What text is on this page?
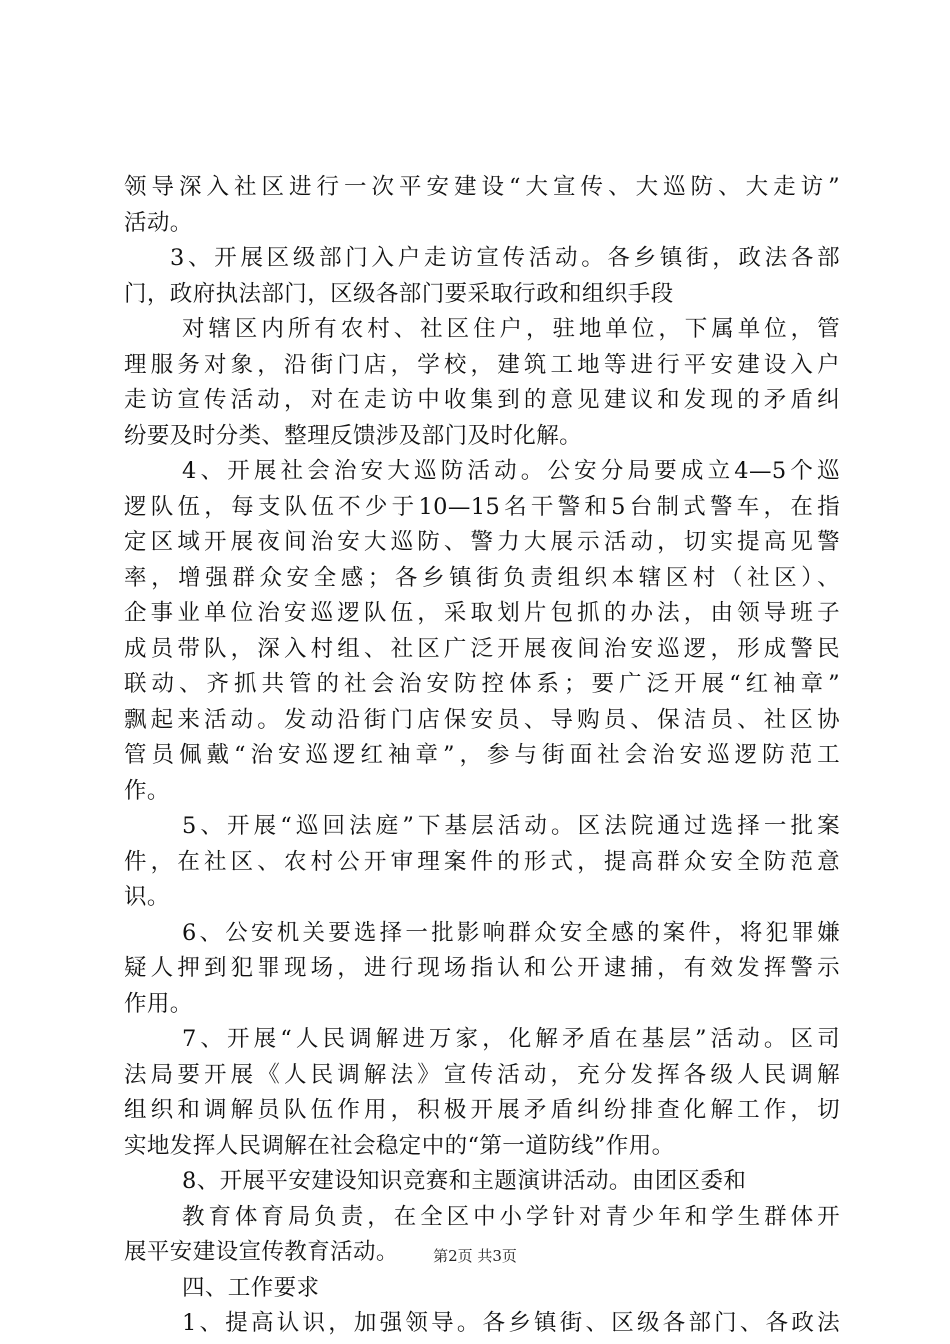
领导深入社区进行一次平安建设“大宣传、大巡防、大走访”
活动。
3、开展区级部门入户走访宣传活动。各乡镇街，政法各部
门，政府执法部门，区级各部门要采取行政和组织手段
对辖区内所有农村、社区住户，驻地单位，下属单位，管
理服务对象，沿街门店，学校，建筑工地等进行平安建设入户
走访宣传活动，对在走访中收集到的意见建议和发现的矛盾纠
纷要及时分类、整理反馈涉及部门及时化解。
4、开展社会治安大巡防活动。公安分局要成立4—5个巡
逻队伍，每支队伍不少于10—15名干警和5台制式警车，在指
定区域开展夜间治安大巡防、警力大展示活动，切实提高见警
率，增强群众安全感；各乡镇街负责组织本辖区村（社区）、
企事业单位治安巡逻队伍，采取划片包抓的办法，由领导班子
成员带队，深入村组、社区广泛开展夜间治安巡逻，形成警民
联动、齐抓共管的社会治安防控体系；要广泛开展“红袖章”
飘起来活动。发动沿街门店保安员、导购员、保洁员、社区协
管员佩戴“治安巡逻红袖章”，参与街面社会治安巡逻防范工
作。
5、开展“巡回法庭”下基层活动。区法院通过选择一批案
件，在社区、农村公开审理案件的形式，提高群众安全防范意
识。
6、公安机关要选择一批影响群众安全感的案件，将犯罪嫌
疑人押到犯罪现场，进行现场指认和公开逮捕，有效发挥警示
作用。
7、开展“人民调解进万家，化解矛盾在基层”活动。区司
法局要开展《人民调解法》宣传活动，充分发挥各级人民调解
组织和调解员队伍作用，积极开展矛盾纠纷排查化解工作，切
实地发挥人民调解在社会稳定中的“第一道防线”作用。
8、开展平安建设知识竞赛和主题演讲活动。由团区委和
教育体育局负责，在全区中小学针对青少年和学生群体开
展平安建设宣传教育活动。
四、工作要求
1、提高认识，加强领导。各乡镇街、区级各部门、各政法
第2页 共3页
